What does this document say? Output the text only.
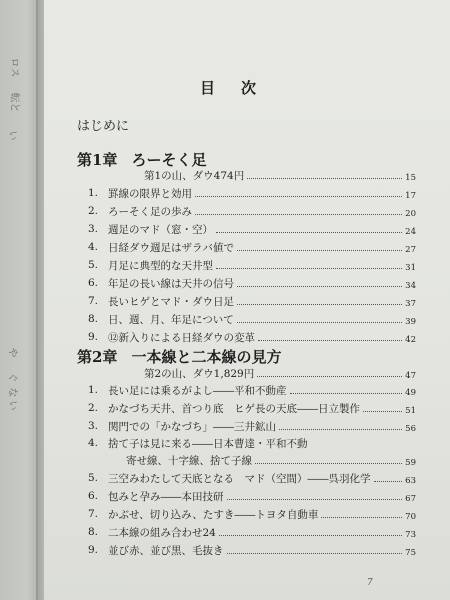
ロス
転と
い
や
ぐ
な
い
目次
はじめに
第1章 ろーそく足
第1の山、ダウ474円	15
1. 罫線の限界と効用	17
2. ろーそく足の歩み	20
3. 週足のマド（窓・空）	24
4. 日経ダウ週足はザラバ値で	27
5. 月足に典型的な天井型	31
6. 年足の長い線は天井の信号	34
7. 長いヒゲとマド・ダウ日足	37
8. 日、週、月、年足について	39
9. ⑫新入りによる日経ダウの変革	42
第2章 一本線と二本線の見方
第2の山、ダウ1,829円	47
1. 長い足には乗るがよし――平和不動産	49
2. かなづち天井、首つり底　ヒゲ長の天底――日立製作	51
3. 関門での「かなづち」――三井鉱山	56
4. 捨て子は見に来る――日本曹達・平和不動
寄せ線、十字線、捨て子線	59
5. 三空みわたして天底となる　マド（空間）――呉羽化学	63
6. 包みと孕み――本田技研	67
7. かぶせ、切り込み、たすき――トヨタ自動車	70
8. 二本線の組み合わせ24	73
9. 並び赤、並び黒、毛抜き	75
7
